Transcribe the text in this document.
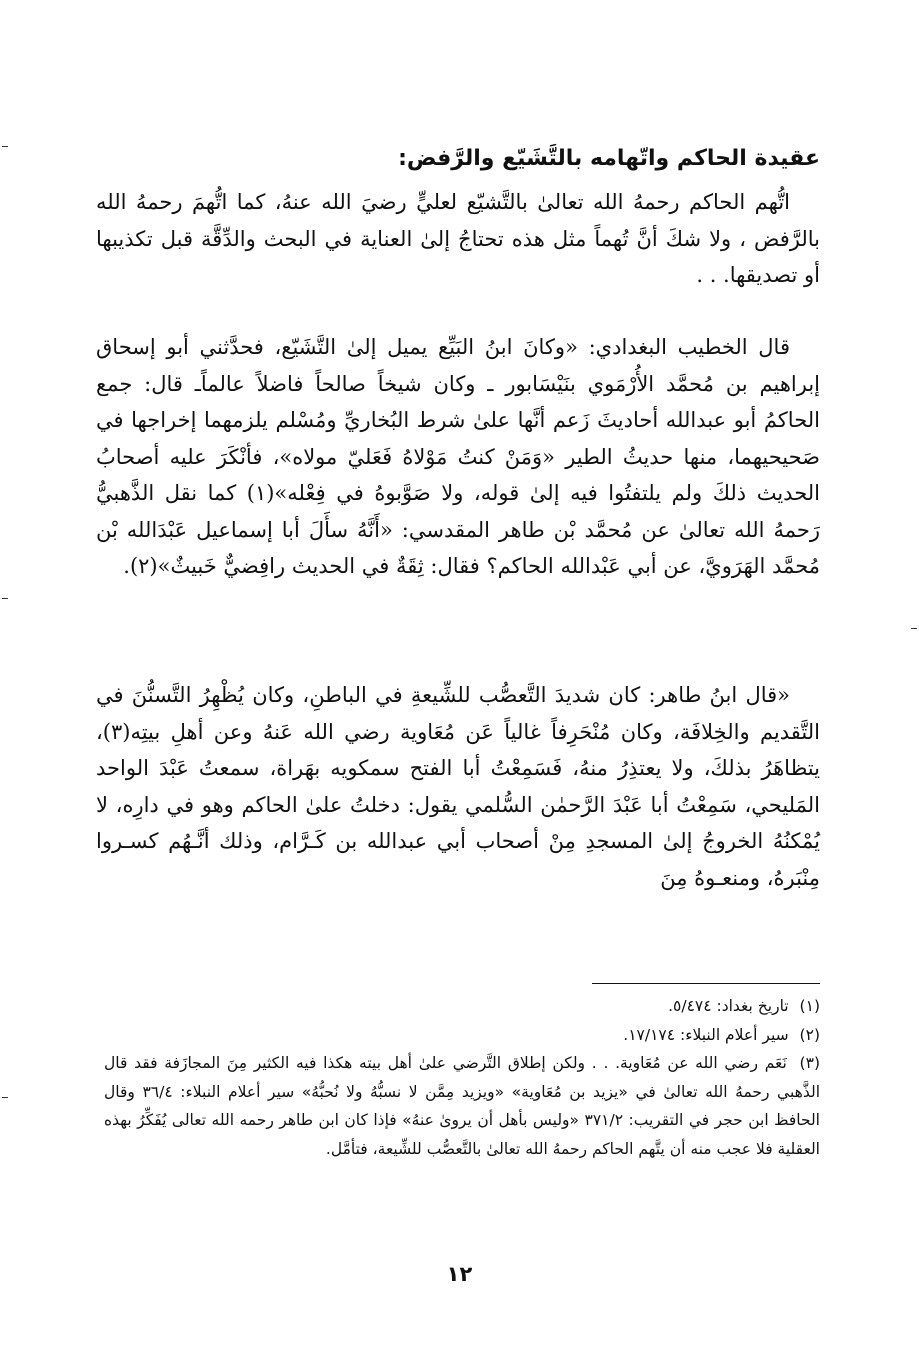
عقيدة الحاكم واتّهامه بالتَّشَيّع والرَّفض:

اتُّهم الحاكم رحمهُ الله تعالىٰ بالتَّشيّع لعليٍّ رضيَ الله عنهُ، كما اتُّهمَ رحمهُ الله بالرَّفض ، ولا شكَ أنَّ تُهماً مثل هذه تحتاجُ إلىٰ العناية في البحث والدِّقَّة قبل تكذيبها أو تصديقها. . .

قال الخطيب البغدادي: «وكانَ ابنُ البَيِّع يميل إلىٰ التَّشَيّع، فحدَّثني أبو إسحاق إبراهيم بن مُحمَّد الأُرْمَوي بنَيْسَابور ـ وكان شيخاً صالحاً فاضلاً عالماًـ قال: جمع الحاكمُ أبو عبدالله أحاديثَ زَعم أنَّها علىٰ شرط البُخاريِّ ومُسْلم يلزمهما إخراجها في صَحيحيهما، منها حديثُ الطير «وَمَنْ كنتُ مَوْلاهُ فَعَليّ مولاه»، فأنْكَرَ عليه أصحابُ الحديث ذلكَ ولم يلتفتُوا فيه إلىٰ قوله، ولا صَوَّبوهُ في فِعْله»(١) كما نقل الذَّهبيُّ رَحمهُ الله تعالىٰ عن مُحمَّد بْن طاهر المقدسي: «أَنَّهُ سأَلَ أبا إسماعيل عَبْدَالله بْن مُحمَّد الهَرَويَّ، عن أبي عَبْدالله الحاكم؟ فقال: ثِقَةٌ في الحديث رافِضيٌّ خَبيثٌ»(٢).

«قال ابنُ طاهر: كان شديدَ التَّعصُّب للشِّيعةِ في الباطنِ، وكان يُظْهِرُ التَّسنُّنَ في التَّقديم والخِلافَة، وكان مُنْحَرِفاً غالياً عَن مُعَاوية رضي الله عَنهُ وعن أهلِ بيتِه(٣)، يتظاهَرُ بذلكَ، ولا يعتذِرُ منهُ، فَسَمِعْتُ أبا الفتح سمكويه بهَراة، سمعتُ عَبْدَ الواحد المَليحي، سَمِعْتُ أبا عَبْدَ الرَّحمٰن السُّلمي يقول: دخلتُ علىٰ الحاكم وهو في دارِه، لا يُمْكنُهُ الخروجُ إلىٰ المسجدِ مِنْ أصحاب أبي عبدالله بن كَـرَّام، وذلك أنَّـهُم كسـروا مِنْبَرهُ، ومنعـوهُ مِنَ

(١) تاريخ بغداد: ٥/٤٧٤.

(٢) سير أعلام النبلاء: ١٧/١٧٤.

(٣) نَعَم رضي الله عن مُعَاوية. . . ولكن إطلاق التَّرضي علىٰ أهل بيته هكذا فيه الكثير مِنَ المجازَفة فقد قال الذَّهبي رحمهُ الله تعالىٰ في «يزيد بن مُعَاوية» «ويزيد مِمَّن لا نسبُّهُ ولا نُحبُّهُ» سير أعلام النبلاء: ٣٦/٤ وقال الحافظ ابن حجر في التقريب: ٣٧١/٢ «وليس بأهل أن يروىٰ عنهُ» فإذا كان ابن طاهر رحمه الله تعالى يُفَكِّرُ بهذه العقلية فلا عجب منه أن يتَّهم الحاكم رحمهُ الله تعالىٰ بالتَّعصُّب للشِّيعة، فتأمَّل.

١٢
